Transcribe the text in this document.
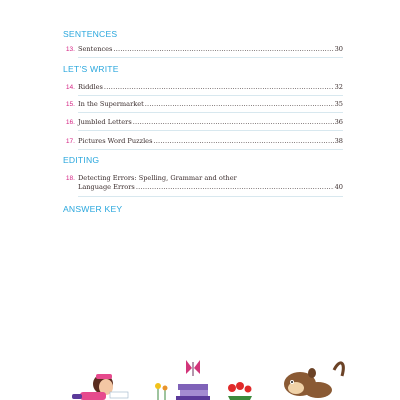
SENTENCES
13. Sentences .....	30
LET’S WRITE
14. Riddles .....	32
15. In the Supermarket .....	35
16. Jumbled Letters .....	36
17. Pictures Word Puzzles .....	38
EDITING
18. Detecting Errors: Spelling, Grammar and other
Language Errors .....	40
ANSWER KEY
